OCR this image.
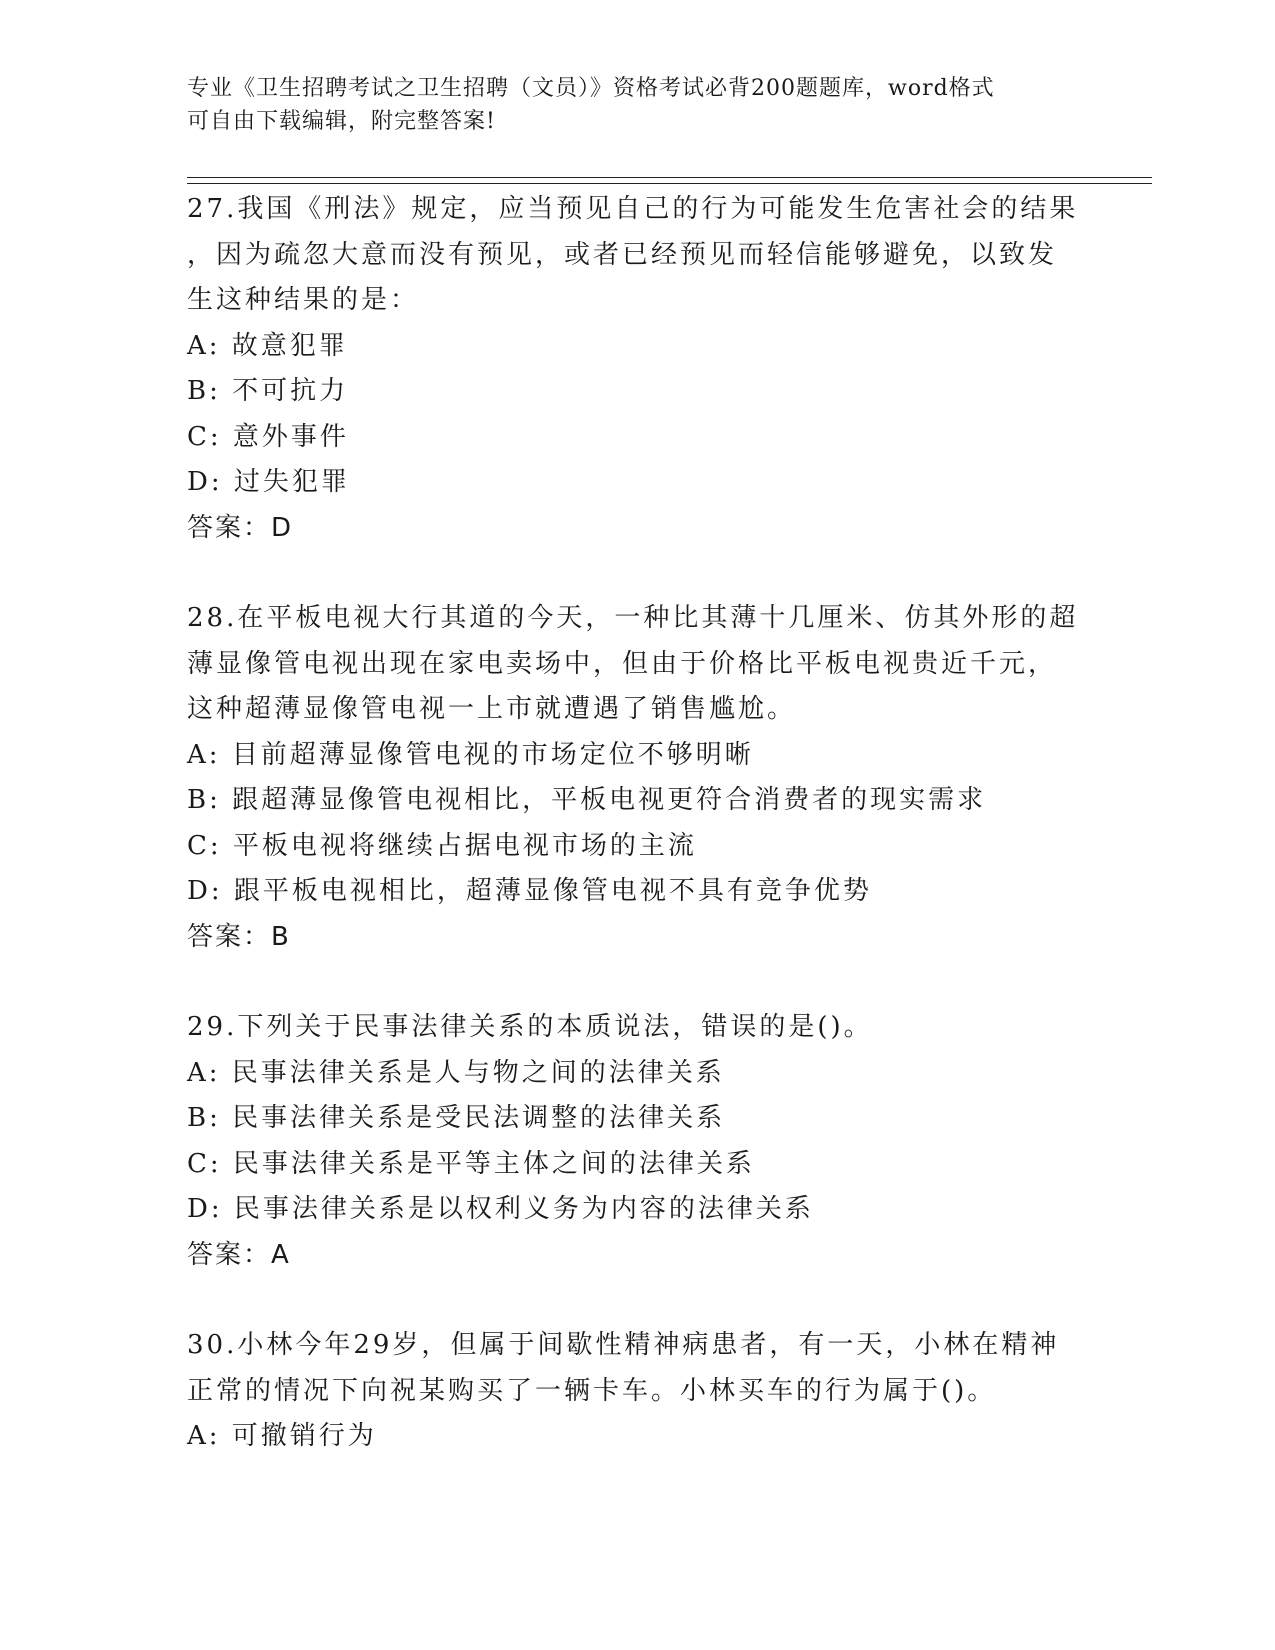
专业《卫生招聘考试之卫生招聘（文员）》资格考试必背200题题库，word格式
可自由下载编辑，附完整答案!

27.我国《刑法》规定，应当预见自己的行为可能发生危害社会的结果

，因为疏忽大意而没有预见，或者已经预见而轻信能够避免，以致发

生这种结果的是：

A: 故意犯罪

B: 不可抗力

C: 意外事件

D: 过失犯罪

答案：D

28.在平板电视大行其道的今天，一种比其薄十几厘米、仿其外形的超

薄显像管电视出现在家电卖场中，但由于价格比平板电视贵近千元，

这种超薄显像管电视一上市就遭遇了销售尴尬。

A: 目前超薄显像管电视的市场定位不够明晰

B: 跟超薄显像管电视相比，平板电视更符合消费者的现实需求

C: 平板电视将继续占据电视市场的主流

D: 跟平板电视相比，超薄显像管电视不具有竞争优势

答案：B

29.下列关于民事法律关系的本质说法，错误的是()。

A: 民事法律关系是人与物之间的法律关系

B: 民事法律关系是受民法调整的法律关系

C: 民事法律关系是平等主体之间的法律关系

D: 民事法律关系是以权利义务为内容的法律关系

答案：A

30.小林今年29岁，但属于间歇性精神病患者，有一天，小林在精神

正常的情况下向祝某购买了一辆卡车。小林买车的行为属于()。

A: 可撤销行为
